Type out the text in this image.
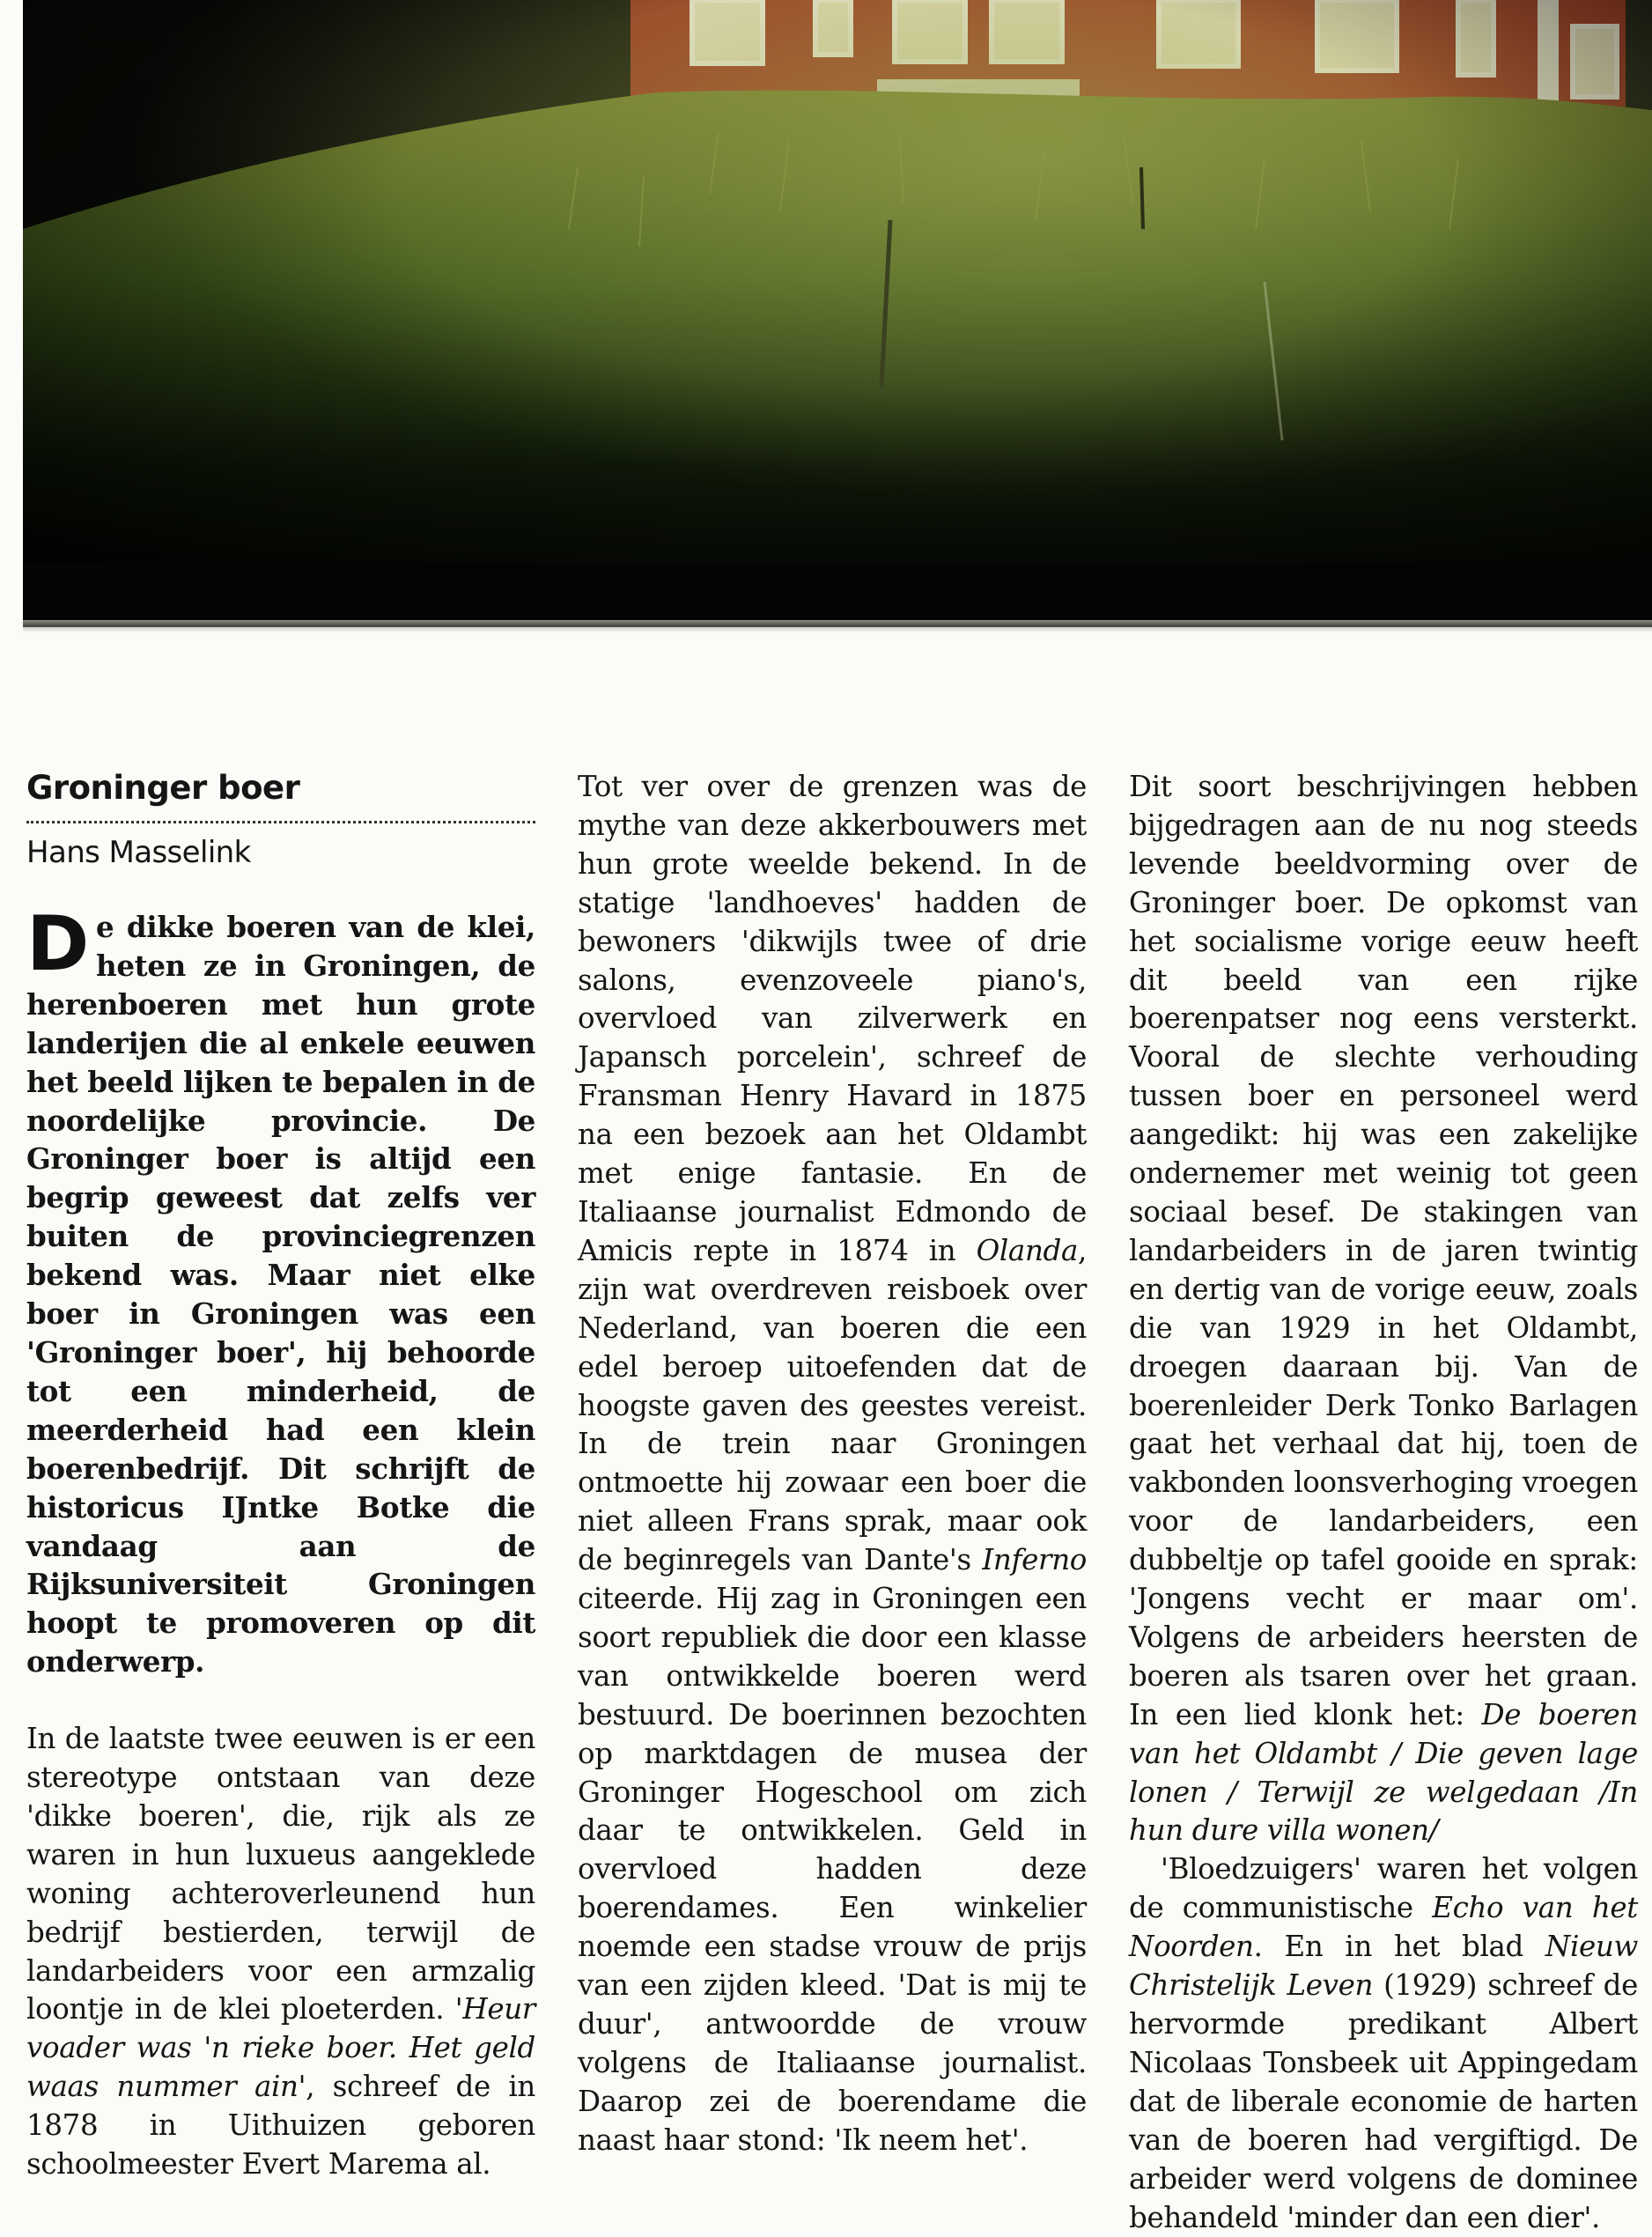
Groninger boer
Hans Masselink

De dikke boeren van de klei, heten ze in Groningen, de herenboeren met hun grote landerijen die al enkele eeuwen het beeld lijken te bepalen in de noordelijke provincie. De Groninger boer is altijd een begrip geweest dat zelfs ver buiten de provinciegrenzen bekend was. Maar niet elke boer in Groningen was een 'Groninger boer', hij behoorde tot een minderheid, de meerderheid had een klein boerenbedrijf. Dit schrijft de historicus IJntke Botke die vandaag aan de Rijksuniversiteit Groningen hoopt te promoveren op dit onderwerp.

In de laatste twee eeuwen is er een stereotype ontstaan van deze 'dikke boeren', die, rijk als ze waren in hun luxueus aangeklede woning achteroverleunend hun bedrijf bestierden, terwijl de landarbeiders voor een armzalig loontje in de klei ploeterden. 'Heur voader was 'n rieke boer. Het geld waas nummer ain', schreef de in 1878 in Uithuizen geboren schoolmeester Evert Marema al.

Tot ver over de grenzen was de mythe van deze akkerbouwers met hun grote weelde bekend. In de statige 'landhoeves' hadden de bewoners 'dikwijls twee of drie salons, evenzoveele piano's, overvloed van zilverwerk en Japansch porcelein', schreef de Fransman Henry Havard in 1875 na een bezoek aan het Oldambt met enige fantasie. En de Italiaanse journalist Edmondo de Amicis repte in 1874 in Olanda, zijn wat overdreven reisboek over Nederland, van boeren die een edel beroep uitoefenden dat de hoogste gaven des geestes vereist. In de trein naar Groningen ontmoette hij zowaar een boer die niet alleen Frans sprak, maar ook de beginregels van Dante's Inferno citeerde. Hij zag in Groningen een soort republiek die door een klasse van ontwikkelde boeren werd bestuurd. De boerinnen bezochten op marktdagen de musea der Groninger Hogeschool om zich daar te ontwikkelen. Geld in overvloed hadden deze boerendames. Een winkelier noemde een stadse vrouw de prijs van een zijden kleed. 'Dat is mij te duur', antwoordde de vrouw volgens de Italiaanse journalist. Daarop zei de boerendame die naast haar stond: 'Ik neem het'.

Dit soort beschrijvingen hebben bijgedragen aan de nu nog steeds levende beeldvorming over de Groninger boer. De opkomst van het socialisme vorige eeuw heeft dit beeld van een rijke boerenpatser nog eens versterkt. Vooral de slechte verhouding tussen boer en personeel werd aangedikt: hij was een zakelijke ondernemer met weinig tot geen sociaal besef. De stakingen van landarbeiders in de jaren twintig en dertig van de vorige eeuw, zoals die van 1929 in het Oldambt, droegen daaraan bij. Van de boerenleider Derk Tonko Barlagen gaat het verhaal dat hij, toen de vakbonden loonsverhoging vroegen voor de landarbeiders, een dubbeltje op tafel gooide en sprak: 'Jongens vecht er maar om'. Volgens de arbeiders heersten de boeren als tsaren over het graan. In een lied klonk het: De boeren van het Oldambt / Die geven lage lonen / Terwijl ze welgedaan /In hun dure villa wonen/

'Bloedzuigers' waren het volgen de communistische Echo van het Noorden. En in het blad Nieuw Christelijk Leven (1929) schreef de hervormde predikant Albert Nicolaas Tonsbeek uit Appingedam dat de liberale economie de harten van de boeren had vergiftigd. De arbeider werd volgens de dominee behandeld 'minder dan een dier'.
